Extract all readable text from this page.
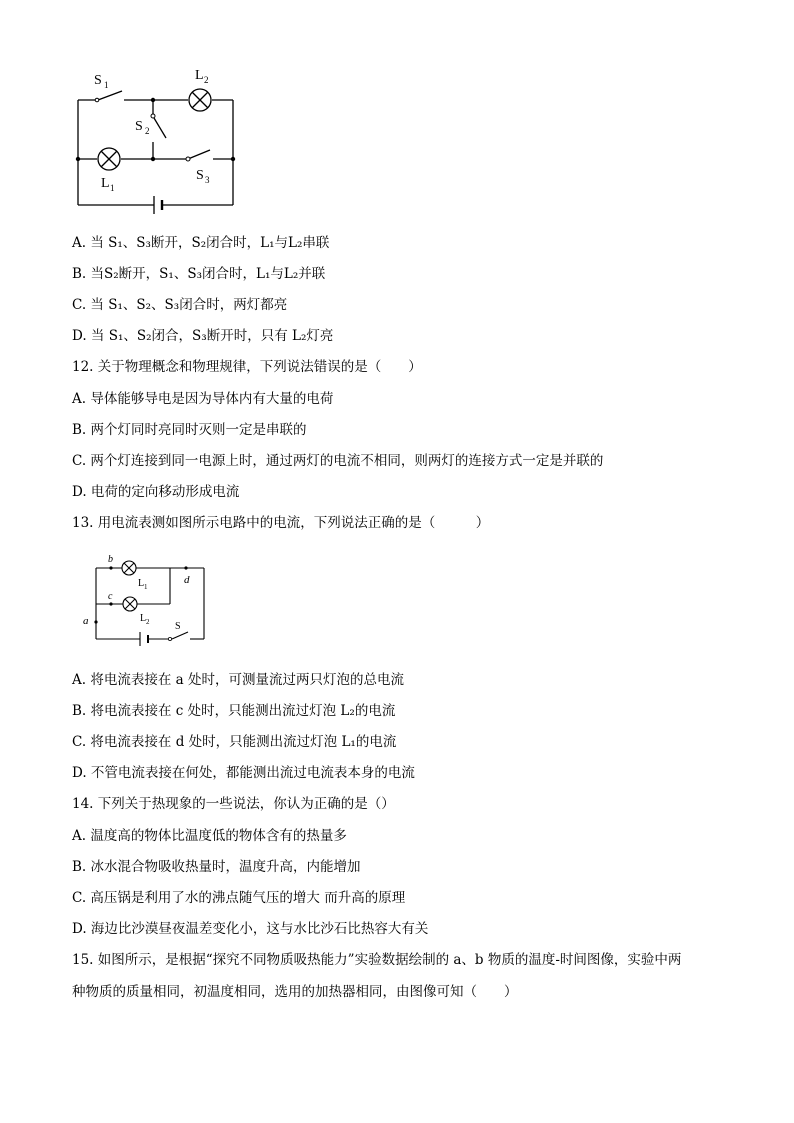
S 1
L 2
S 2
L 1
S 3
A. 当 S₁、S₃断开，S₂闭合时，L₁与L₂串联
B. 当S₂断开，S₁、S₃闭合时，L₁与L₂并联
C. 当 S₁、S₂、S₃闭合时，两灯都亮
D. 当 S₁、S₂闭合，S₃断开时，只有 L₂灯亮
12. 关于物理概念和物理规律，下列说法错误的是（　　）
A. 导体能够导电是因为导体内有大量的电荷
B. 两个灯同时亮同时灭则一定是串联的
C. 两个灯连接到同一电源上时，通过两灯的电流不相同，则两灯的连接方式一定是并联的
D. 电荷的定向移动形成电流
13. 用电流表测如图所示电路中的电流，下列说法正确的是（　　　）
b
c
d
a
L 1
L 2	S
A. 将电流表接在 a 处时，可测量流过两只灯泡的总电流
B. 将电流表接在 c 处时，只能测出流过灯泡 L₂的电流
C. 将电流表接在 d 处时，只能测出流过灯泡 L₁的电流
D. 不管电流表接在何处，都能测出流过电流表本身的电流
14. 下列关于热现象的一些说法，你认为正确的是（）
A. 温度高的物体比温度低的物体含有的热量多
B. 冰水混合物吸收热量时，温度升高，内能增加
C. 高压锅是利用了水的沸点随气压的增大 而升高的原理
D. 海边比沙漠昼夜温差变化小，这与水比沙石比热容大有关
15. 如图所示，是根据“探究不同物质吸热能力”实验数据绘制的 a、b 物质的温度-时间图像，实验中两
种物质的质量相同，初温度相同，选用的加热器相同，由图像可知（　　）
